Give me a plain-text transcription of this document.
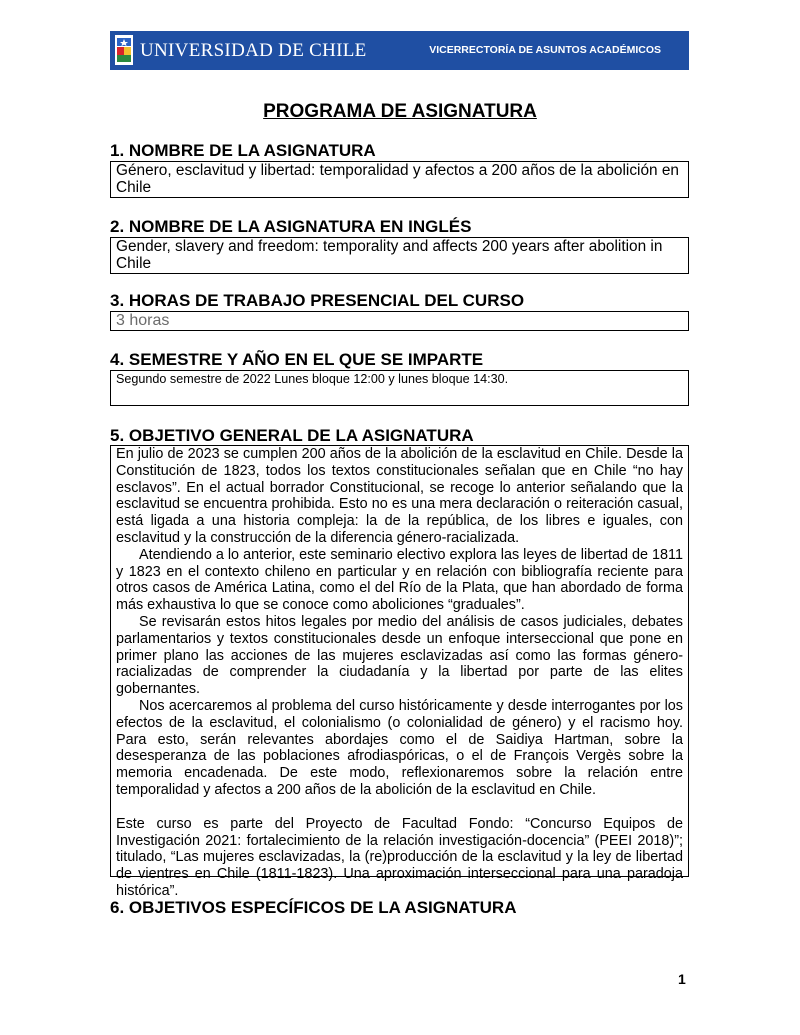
UNIVERSIDAD DE CHILE	VICERRECTORÍA DE ASUNTOS ACADÉMICOS
PROGRAMA DE ASIGNATURA
1. NOMBRE DE LA ASIGNATURA
Género, esclavitud y libertad: temporalidad y afectos a 200 años de la abolición en Chile
2. NOMBRE DE LA ASIGNATURA EN INGLÉS
Gender, slavery and freedom: temporality and affects 200 years after abolition in Chile
3. HORAS DE TRABAJO PRESENCIAL DEL CURSO
3 horas
4. SEMESTRE Y AÑO EN EL QUE SE IMPARTE
Segundo semestre de 2022 Lunes bloque 12:00 y lunes bloque 14:30.
5. OBJETIVO GENERAL DE LA ASIGNATURA

En julio de 2023 se cumplen 200 años de la abolición de la esclavitud en Chile. Desde la Constitución de 1823, todos los textos constitucionales señalan que en Chile “no hay esclavos”. En el actual borrador Constitucional, se recoge lo anterior señalando que la esclavitud se encuentra prohibida. Esto no es una mera declaración o reiteración casual, está ligada a una historia compleja: la de la república, de los libres e iguales, con esclavitud y la construcción de la diferencia género-racializada.

Atendiendo a lo anterior, este seminario electivo explora las leyes de libertad de 1811 y 1823 en el contexto chileno en particular y en relación con bibliografía reciente para otros casos de América Latina, como el del Río de la Plata, que han abordado de forma más exhaustiva lo que se conoce como aboliciones “graduales”.

Se revisarán estos hitos legales por medio del análisis de casos judiciales, debates parlamentarios y textos constitucionales desde un enfoque interseccional que pone en primer plano las acciones de las mujeres esclavizadas así como las formas género-racializadas de comprender la ciudadanía y la libertad por parte de las elites gobernantes.

Nos acercaremos al problema del curso históricamente y desde interrogantes por los efectos de la esclavitud, el colonialismo (o colonialidad de género) y el racismo hoy. Para esto, serán relevantes abordajes como el de Saidiya Hartman, sobre la desesperanza de las poblaciones afrodiaspóricas, o el de François Vergès sobre la memoria encadenada. De este modo, reflexionaremos sobre la relación entre temporalidad y afectos a 200 años de la abolición de la esclavitud en Chile.

Este curso es parte del Proyecto de Facultad Fondo: “Concurso Equipos de Investigación 2021: fortalecimiento de la relación investigación-docencia” (PEEI 2018)”; titulado, “Las mujeres esclavizadas, la (re)producción de la esclavitud y la ley de libertad de vientres en Chile (1811-1823). Una aproximación interseccional para una paradoja histórica”.

6. OBJETIVOS ESPECÍFICOS DE LA ASIGNATURA
1
